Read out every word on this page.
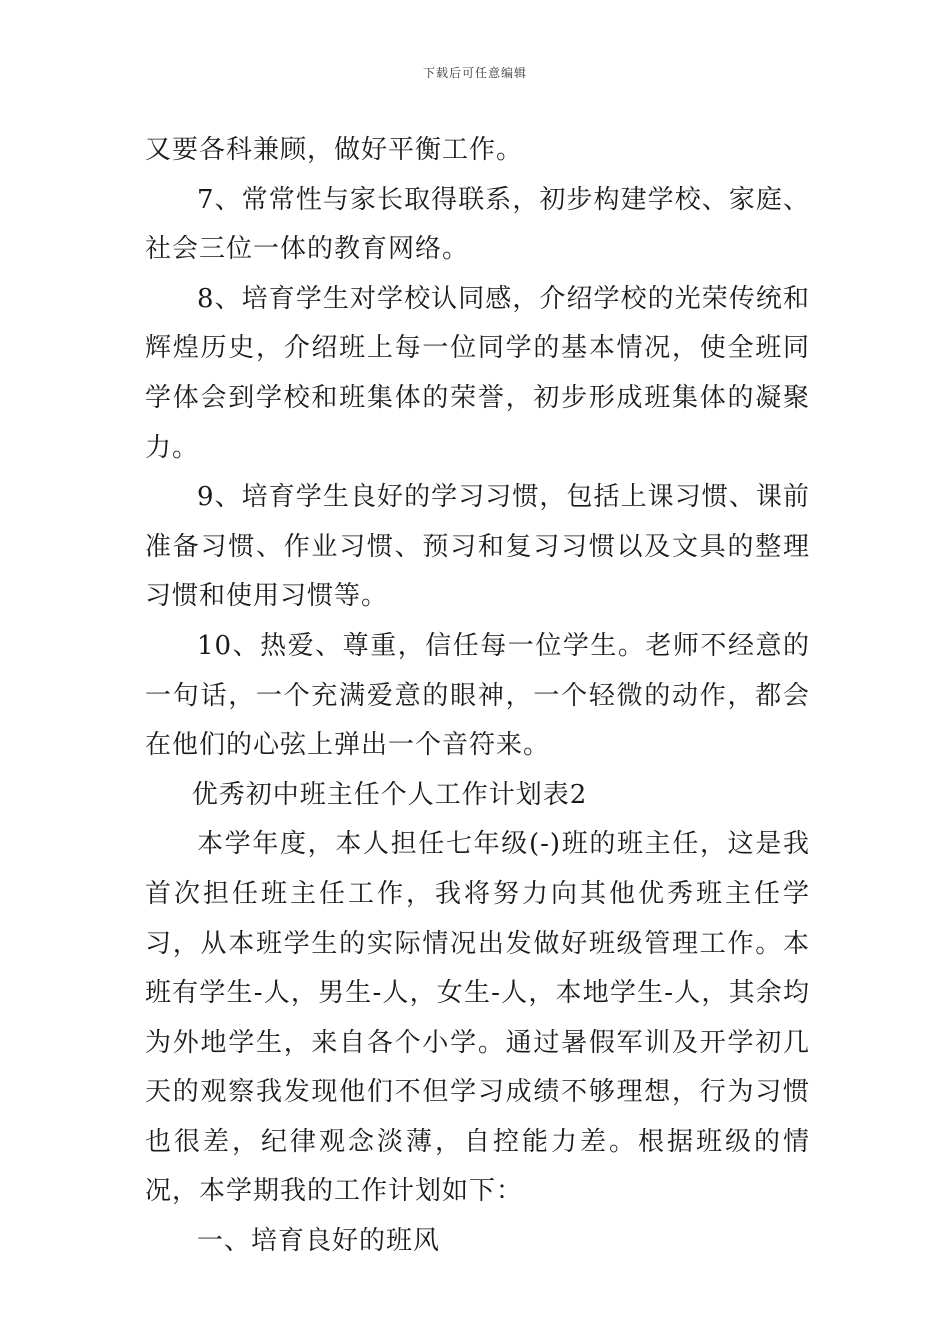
下载后可任意编辑

又要各科兼顾，做好平衡工作。

7、常常性与家长取得联系，初步构建学校、家庭、社会三位一体的教育网络。

8、培育学生对学校认同感，介绍学校的光荣传统和辉煌历史，介绍班上每一位同学的基本情况，使全班同学体会到学校和班集体的荣誉，初步形成班集体的凝聚力。

9、培育学生良好的学习习惯，包括上课习惯、课前准备习惯、作业习惯、预习和复习习惯以及文具的整理习惯和使用习惯等。

10、热爱、尊重，信任每一位学生。老师不经意的一句话，一个充满爱意的眼神，一个轻微的动作，都会在他们的心弦上弹出一个音符来。

优秀初中班主任个人工作计划表2

本学年度，本人担任七年级(-)班的班主任，这是我首次担任班主任工作，我将努力向其他优秀班主任学习，从本班学生的实际情况出发做好班级管理工作。本班有学生-人，男生-人，女生-人，本地学生-人，其余均为外地学生，来自各个小学。通过暑假军训及开学初几天的观察我发现他们不但学习成绩不够理想，行为习惯也很差，纪律观念淡薄，自控能力差。根据班级的情况，本学期我的工作计划如下：

一、培育良好的班风
